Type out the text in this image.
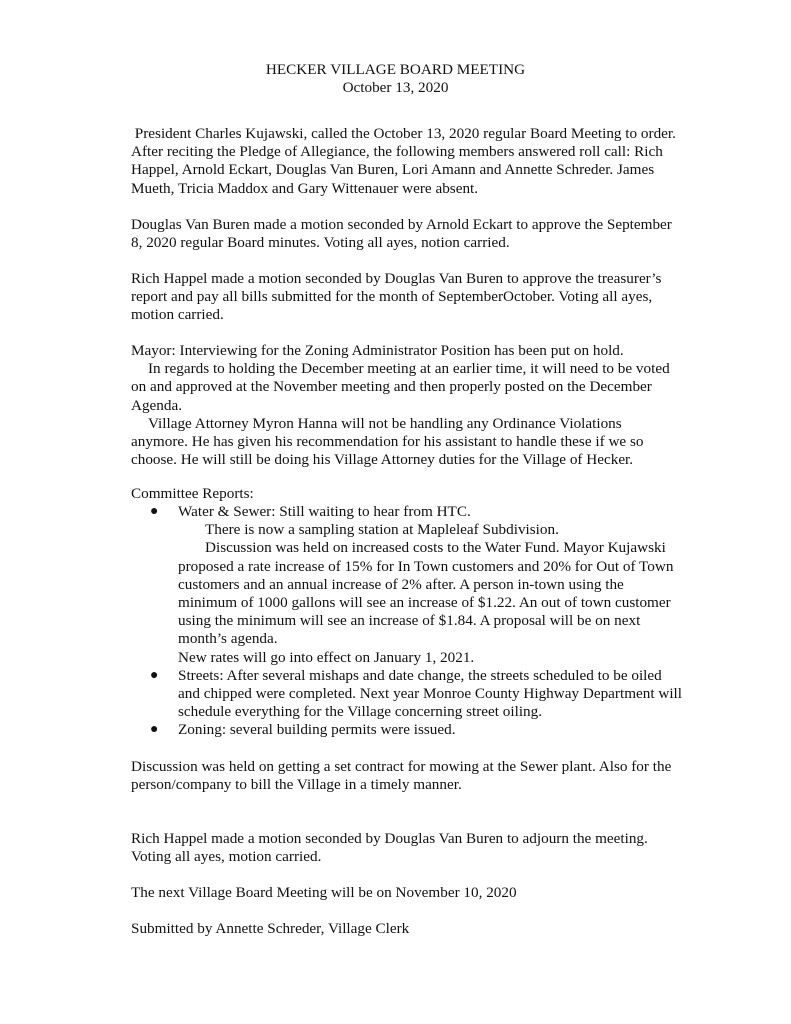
HECKER VILLAGE BOARD MEETING
October 13, 2020

President Charles Kujawski, called the October 13, 2020 regular Board Meeting to order.
After reciting the Pledge of Allegiance, the following members answered roll call: Rich
Happel, Arnold Eckart, Douglas Van Buren, Lori Amann and Annette Schreder. James
Mueth, Tricia Maddox and Gary Wittenauer were absent.

Douglas Van Buren made a motion seconded by Arnold Eckart to approve the September
8, 2020 regular Board minutes. Voting all ayes, notion carried.

Rich Happel made a motion seconded by Douglas Van Buren to approve the treasurer’s
report and pay all bills submitted for the month of SeptemberOctober. Voting all ayes,
motion carried.

Mayor: Interviewing for the Zoning Administrator Position has been put on hold.
In regards to holding the December meeting at an earlier time, it will need to be voted
on and approved at the November meeting and then properly posted on the December
Agenda.
Village Attorney Myron Hanna will not be handling any Ordinance Violations
anymore. He has given his recommendation for his assistant to handle these if we so
choose. He will still be doing his Village Attorney duties for the Village of Hecker.

Committee Reports:

● Water & Sewer: Still waiting to hear from HTC.
There is now a sampling station at Mapleleaf Subdivision.
Discussion was held on increased costs to the Water Fund. Mayor Kujawski
proposed a rate increase of 15% for In Town customers and 20% for Out of Town
customers and an annual increase of 2% after. A person in-town using the
minimum of 1000 gallons will see an increase of $1.22. An out of town customer
using the minimum will see an increase of $1.84. A proposal will be on next
month’s agenda.
New rates will go into effect on January 1, 2021.
● Streets: After several mishaps and date change, the streets scheduled to be oiled
and chipped were completed. Next year Monroe County Highway Department will
schedule everything for the Village concerning street oiling.
● Zoning: several building permits were issued.

Discussion was held on getting a set contract for mowing at the Sewer plant. Also for the
person/company to bill the Village in a timely manner.

Rich Happel made a motion seconded by Douglas Van Buren to adjourn the meeting.
Voting all ayes, motion carried.

The next Village Board Meeting will be on November 10, 2020

Submitted by Annette Schreder, Village Clerk
